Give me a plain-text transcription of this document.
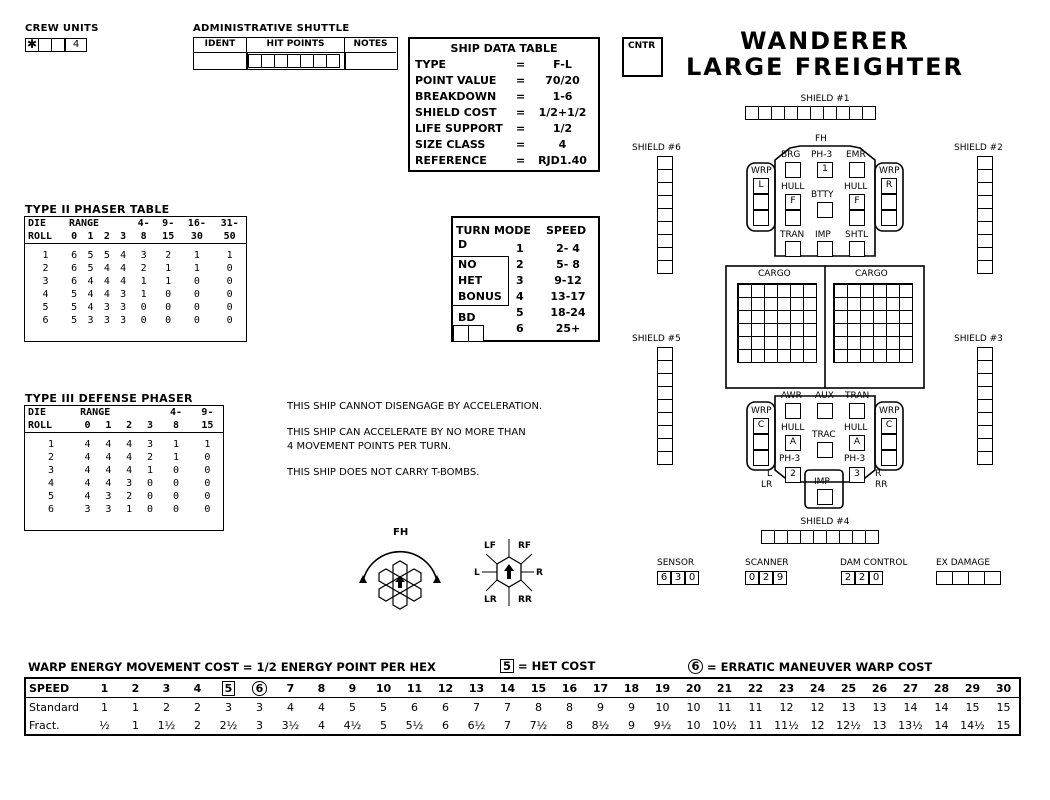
CREW UNITS
✱	4
ADMINISTRATIVE SHUTTLE
IDENT	HIT POINTS	NOTES	SHIP DATA TABLE
TYPE	=	F-L
POINT VALUE	=	70/20
BREAKDOWN	=	1-6
SHIELD COST	=	1/2+1/2
LIFE SUPPORT	=	1/2
SIZE CLASS	=	4
REFERENCE	=	RJD1.40
CNTR	WANDERER
LARGE FREIGHTER
TYPE II PHASER TABLE
DIE	RANGE				4-	9-	16-	31-
ROLL	0	1	2	3	8	15	30	50

1	6	5	5	4	3	2	1	1
2	6	5	4	4	2	1	1	0
3	6	4	4	4	1	1	0	0
4	5	4	4	3	1	0	0	0
5	5	4	3	3	0	0	0	0
6	5	3	3	3	0	0	0	0
TYPE III DEFENSE PHASER
DIE	RANGE				4-	9-
ROLL	0	1	2	3	8	15

1	4	4	4	3	1	1
2	4	4	4	2	1	0
3	4	4	4	1	0	0
4	4	4	3	0	0	0
5	4	3	2	0	0	0
6	3	3	1	0	0	0
TURN MODE SPEED
D
NO
HET
BONUS
BD
1	2- 4
2	5- 8
3	9-12
4	13-17
5	18-24
6	25+
THIS SHIP CANNOT DISENGAGE BY ACCELERATION.
THIS SHIP CAN ACCELERATE BY NO MORE THAN
4 MOVEMENT POINTS PER TURN.
THIS SHIP DOES NOT CARRY T-BOMBS.
FH
LF RF
L	R
LR RR
SHIELD #1
SHIELD #4
SHIELD #6
SHIELD #5
SHIELD #2
SHIELD #3
FH
BRG PH-3
1
EMR
WRP
L
WRP
R
HULL
F
HULL
F
BTTY
TRAN IMP SHTL
CARGO	CARGO
AWR AUX TRAN
WRP
C
WRP
C
HULL
A
HULL
A
TRAC
PH-3
2
PH-3
3
L
LR
R
RR
IMP
SENSOR
6 3 0
SCANNER
0 2 9
DAM CONTROL
2 2 0
EX DAMAGE
WARP ENERGY MOVEMENT COST = 1/2 ENERGY POINT PER HEX	5 = HET COST	6 = ERRATIC MANEUVER WARP COST
SPEED	1	2	3	4	5	6	7	8	9	10	11	12	13	14	15	16	17	18	19	20	21	22	23	24	25	26	27	28	29	30
Standard	1	1	2	2	3	3	4	4	5	5	6	6	7	7	8	8	9	9	10	10	11	11	12	12	13	13	14	14	15	15
Fract.	½	1	1½	2	2½	3	3½	4	4½	5	5½	6	6½	7	7½	8	8½	9	9½	10	10½	11	11½	12	12½	13	13½	14	14½	15
